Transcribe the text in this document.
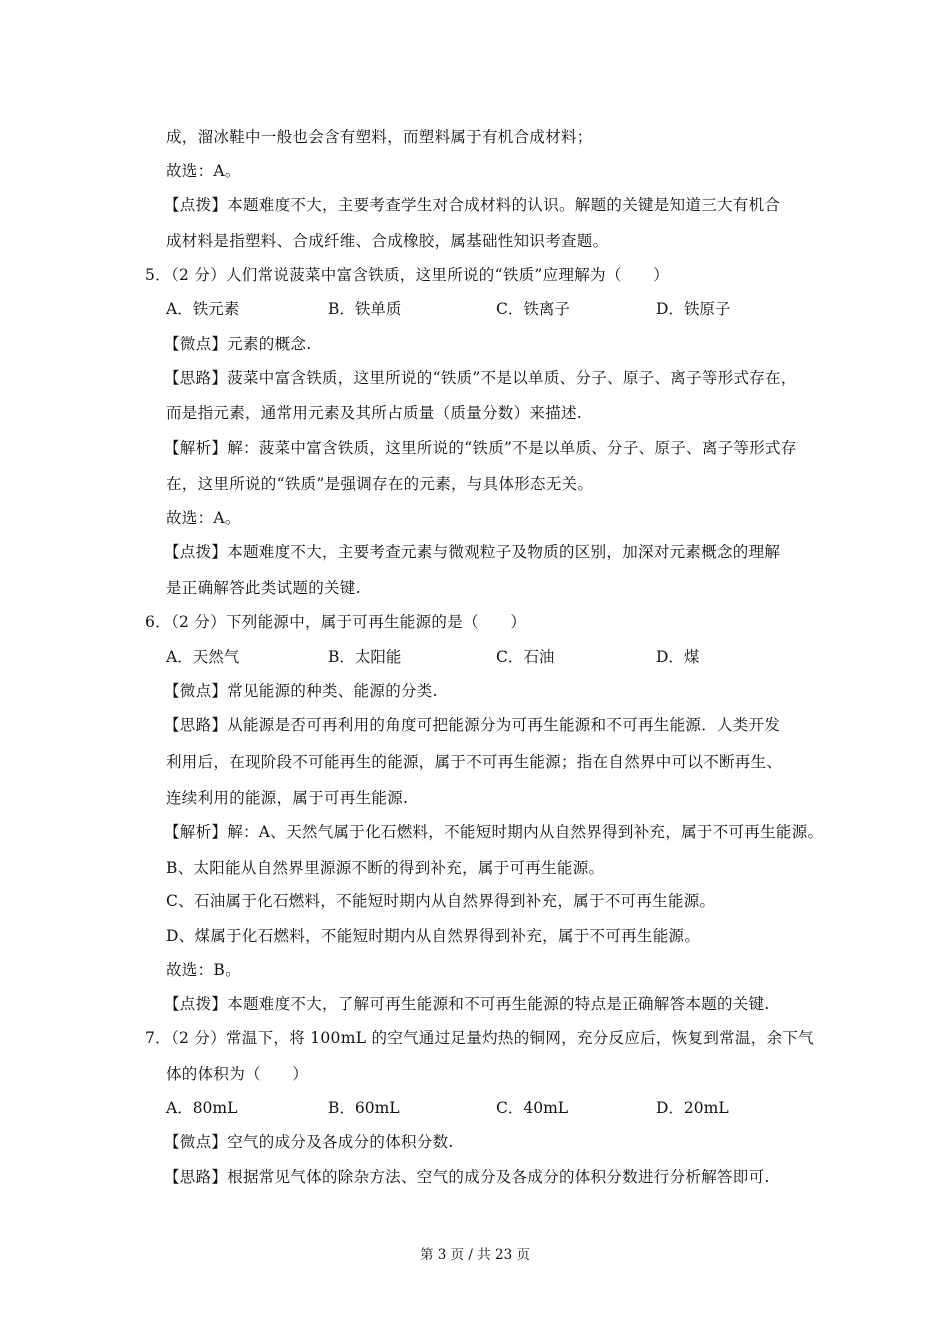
成，溜冰鞋中一般也会含有塑料，而塑料属于有机合成材料；
故选：A。
【点拨】本题难度不大，主要考查学生对合成材料的认识。解题的关键是知道三大有机合
成材料是指塑料、合成纤维、合成橡胶，属基础性知识考查题。
5．（2 分）人们常说菠菜中富含铁质，这里所说的“铁质”应理解为（　　）
A．铁元素	B．铁单质	C．铁离子	D．铁原子
【微点】元素的概念.
【思路】菠菜中富含铁质，这里所说的“铁质”不是以单质、分子、原子、离子等形式存在，
而是指元素，通常用元素及其所占质量（质量分数）来描述.
【解析】解：菠菜中富含铁质，这里所说的“铁质”不是以单质、分子、原子、离子等形式存
在，这里所说的“铁质”是强调存在的元素，与具体形态无关。
故选：A。
【点拨】本题难度不大，主要考查元素与微观粒子及物质的区别，加深对元素概念的理解
是正确解答此类试题的关键.
6．（2 分）下列能源中，属于可再生能源的是（　　）
A．天然气	B．太阳能	C．石油	D．煤
【微点】常见能源的种类、能源的分类.
【思路】从能源是否可再利用的角度可把能源分为可再生能源和不可再生能源．人类开发
利用后，在现阶段不可能再生的能源，属于不可再生能源；指在自然界中可以不断再生、
连续利用的能源，属于可再生能源.
【解析】解：A、天然气属于化石燃料，不能短时期内从自然界得到补充，属于不可再生能源。
B、太阳能从自然界里源源不断的得到补充，属于可再生能源。
C、石油属于化石燃料，不能短时期内从自然界得到补充，属于不可再生能源。
D、煤属于化石燃料，不能短时期内从自然界得到补充，属于不可再生能源。
故选：B。
【点拨】本题难度不大，了解可再生能源和不可再生能源的特点是正确解答本题的关键.
7．（2 分）常温下，将 100mL 的空气通过足量灼热的铜网，充分反应后，恢复到常温，余下气
体的体积为（　　）
A．80mL	B．60mL	C．40mL	D．20mL
【微点】空气的成分及各成分的体积分数.
【思路】根据常见气体的除杂方法、空气的成分及各成分的体积分数进行分析解答即可.
第 3 页 / 共 23 页
